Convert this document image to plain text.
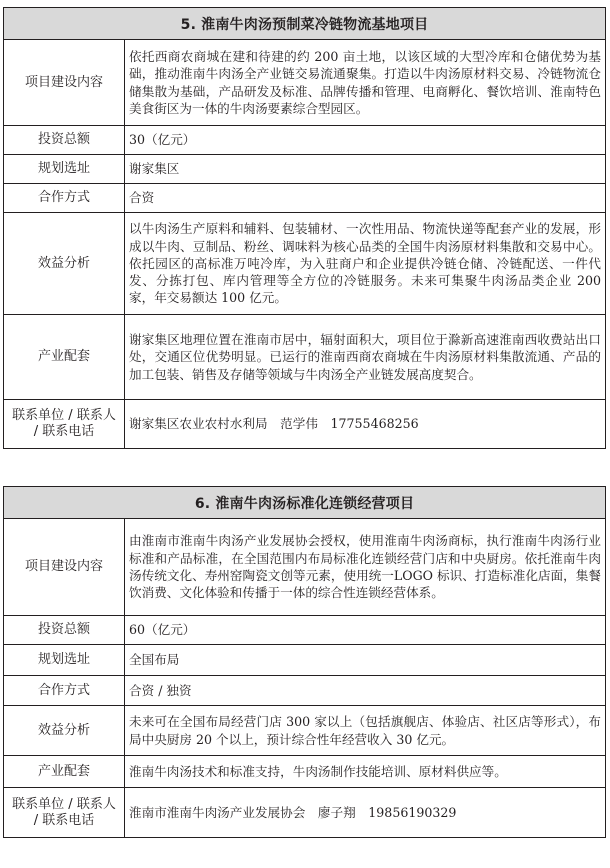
5. 淮南牛肉汤预制菜冷链物流基地项目	
项目建设内容	依托西商农商城在建和待建的约 200 亩土地，以该区域的大型冷库和仓储优势为基础，推动淮南牛肉汤全产业链交易流通聚集。打造以牛肉汤原材料交易、冷链物流仓储集散为基础，产品研发及标准、品牌传播和管理、电商孵化、餐饮培训、淮南特色美食街区为一体的牛肉汤要素综合型园区。
投资总额	30（亿元）
规划选址	谢家集区
合作方式	合资
效益分析	以牛肉汤生产原料和辅料、包装辅材、一次性用品、物流快递等配套产业的发展，形成以牛肉、豆制品、粉丝、调味料为核心品类的全国牛肉汤原材料集散和交易中心。依托园区的高标准万吨冷库，为入驻商户和企业提供冷链仓储、冷链配送、一件代发、分拣打包、库内管理等全方位的冷链服务。未来可集聚牛肉汤品类企业 200 家，年交易额达 100 亿元。
产业配套	谢家集区地理位置在淮南市居中，辐射面积大，项目位于滁新高速淮南西收费站出口处，交通区位优势明显。已运行的淮南西商农商城在牛肉汤原材料集散流通、产品的加工包装、销售及存储等领域与牛肉汤全产业链发展高度契合。

联系单位 / 联系人
/ 联系电话	谢家集区农业农村水利局　范学伟　17755468256
6. 淮南牛肉汤标准化连锁经营项目	
项目建设内容	由淮南市淮南牛肉汤产业发展协会授权，使用淮南牛肉汤商标，执行淮南牛肉汤行业标准和产品标准，在全国范围内布局标准化连锁经营门店和中央厨房。依托淮南牛肉汤传统文化、寿州窑陶瓷文创等元素，使用统一LOGO 标识、打造标准化店面，集餐饮消费、文化体验和传播于一体的综合性连锁经营体系。
投资总额	60（亿元）
规划选址	全国布局
合作方式	合资 / 独资
效益分析	未来可在全国布局经营门店 300 家以上（包括旗舰店、体验店、社区店等形式），布局中央厨房 20 个以上，预计综合性年经营收入 30 亿元。
产业配套	淮南牛肉汤技术和标准支持，牛肉汤制作技能培训、原材料供应等。

联系单位 / 联系人
/ 联系电话	淮南市淮南牛肉汤产业发展协会　廖子翔　19856190329
